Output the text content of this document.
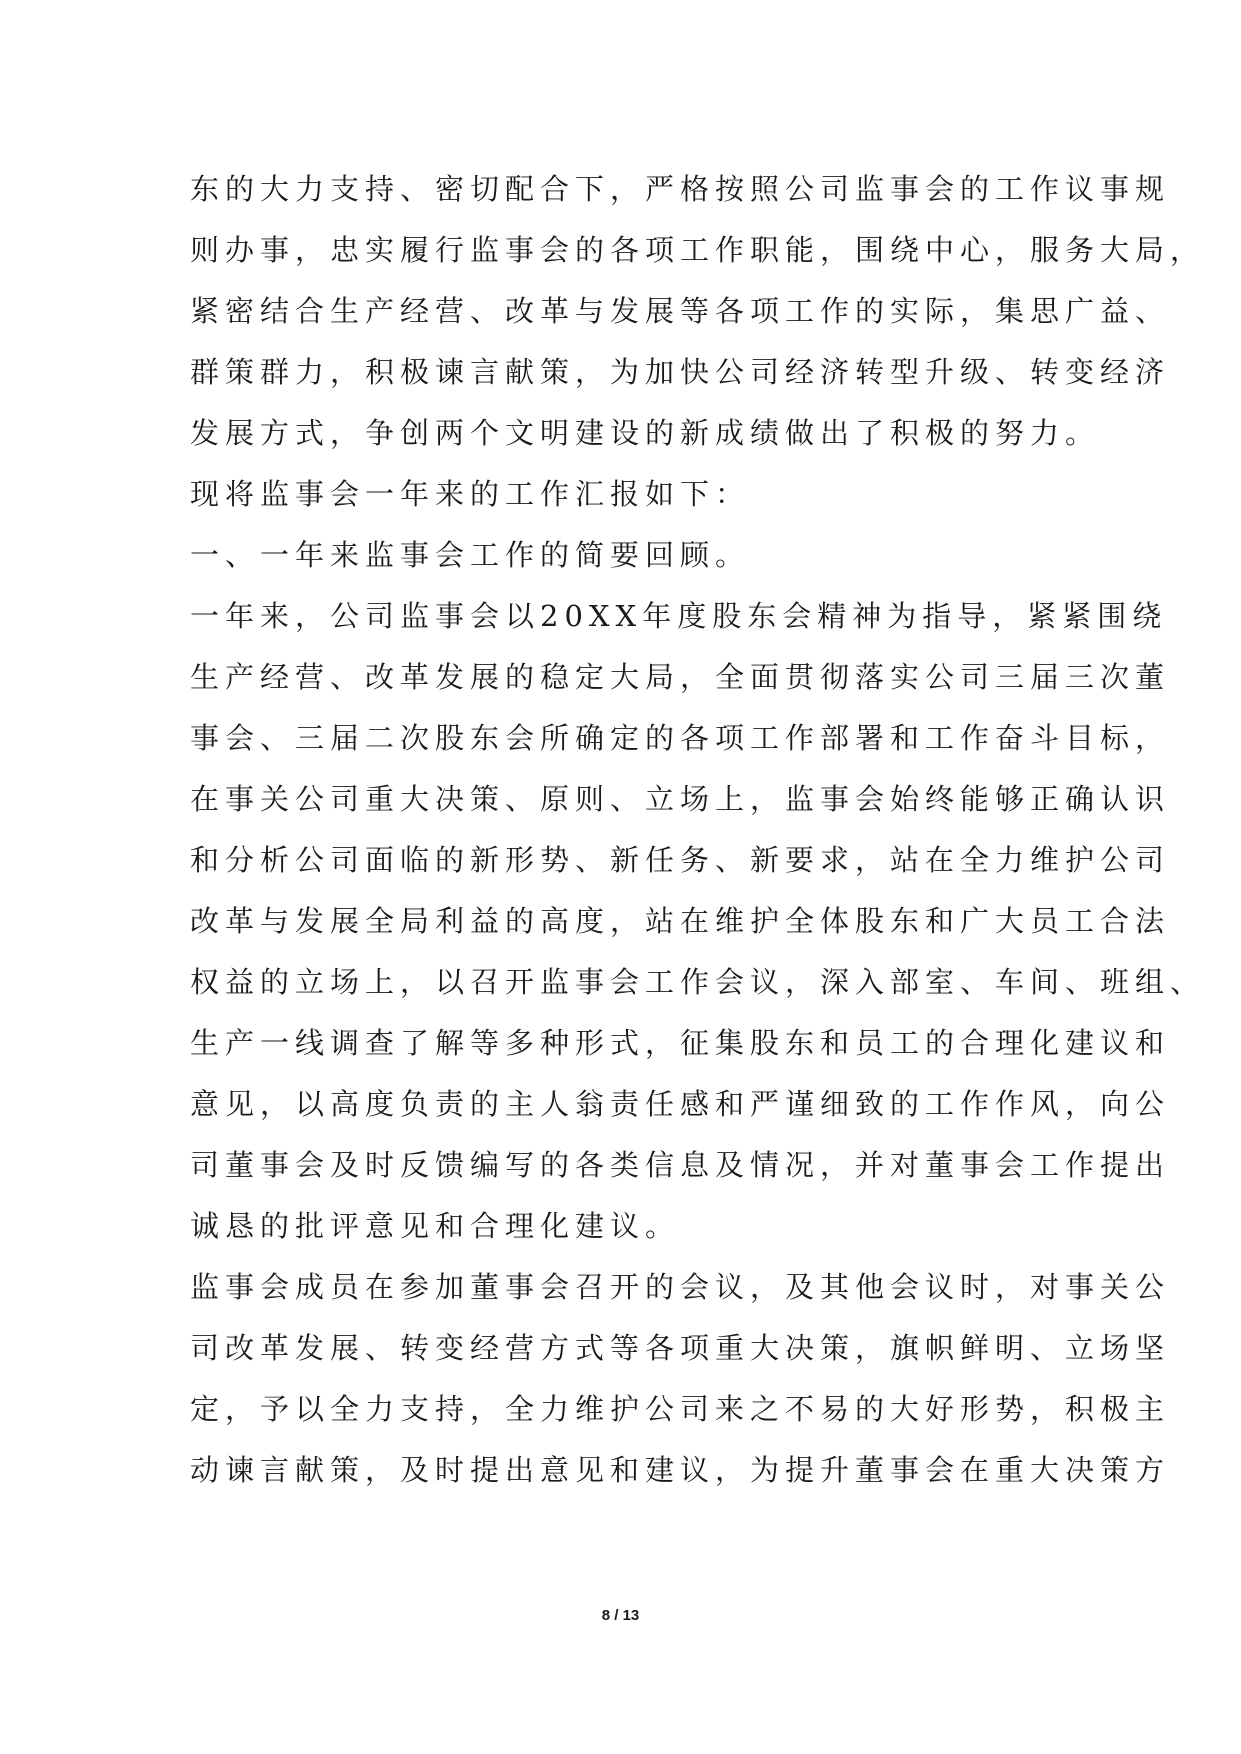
东的大力支持、密切配合下，严格按照公司监事会的工作议事规
则办事，忠实履行监事会的各项工作职能，围绕中心，服务大局，
紧密结合生产经营、改革与发展等各项工作的实际，集思广益、
群策群力，积极谏言献策，为加快公司经济转型升级、转变经济
发展方式，争创两个文明建设的新成绩做出了积极的努力。
现将监事会一年来的工作汇报如下：
一、一年来监事会工作的简要回顾。
一年来，公司监事会以20XX年度股东会精神为指导，紧紧围绕
生产经营、改革发展的稳定大局，全面贯彻落实公司三届三次董
事会、三届二次股东会所确定的各项工作部署和工作奋斗目标，
在事关公司重大决策、原则、立场上，监事会始终能够正确认识
和分析公司面临的新形势、新任务、新要求，站在全力维护公司
改革与发展全局利益的高度，站在维护全体股东和广大员工合法
权益的立场上，以召开监事会工作会议，深入部室、车间、班组、
生产一线调查了解等多种形式，征集股东和员工的合理化建议和
意见，以高度负责的主人翁责任感和严谨细致的工作作风，向公
司董事会及时反馈编写的各类信息及情况，并对董事会工作提出
诚恳的批评意见和合理化建议。
监事会成员在参加董事会召开的会议，及其他会议时，对事关公
司改革发展、转变经营方式等各项重大决策，旗帜鲜明、立场坚
定，予以全力支持，全力维护公司来之不易的大好形势，积极主
动谏言献策，及时提出意见和建议，为提升董事会在重大决策方
8 / 13
